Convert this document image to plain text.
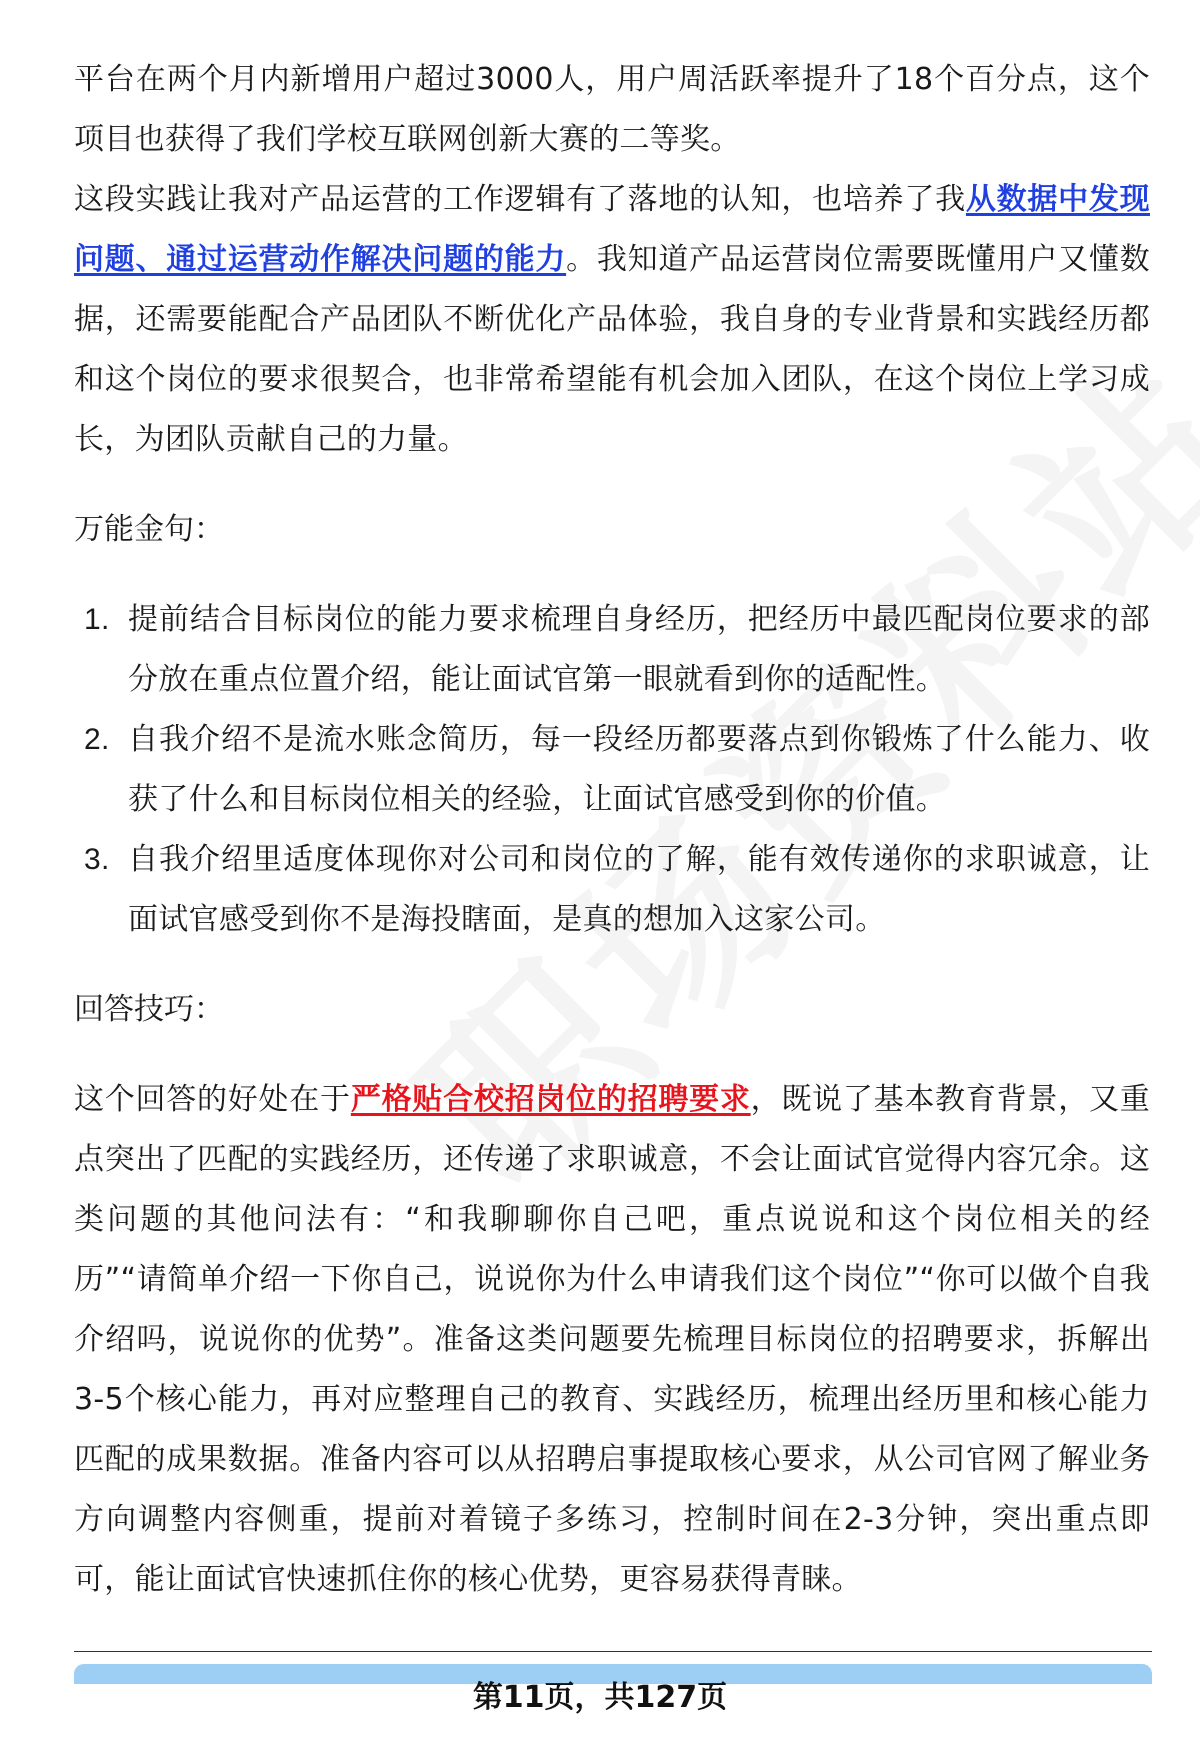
平台在两个月内新增用户超过3000人，用户周活跃率提升了18个百分点，这个项目也获得了我们学校互联网创新大赛的二等奖。

这段实践让我对产品运营的工作逻辑有了落地的认知，也培养了我从数据中发现问题、通过运营动作解决问题的能力。我知道产品运营岗位需要既懂用户又懂数据，还需要能配合产品团队不断优化产品体验，我自身的专业背景和实践经历都和这个岗位的要求很契合，也非常希望能有机会加入团队，在这个岗位上学习成长，为团队贡献自己的力量。

万能金句：
1. 提前结合目标岗位的能力要求梳理自身经历，把经历中最匹配岗位要求的部分放在重点位置介绍，能让面试官第一眼就看到你的适配性。
2. 自我介绍不是流水账念简历，每一段经历都要落点到你锻炼了什么能力、收获了什么和目标岗位相关的经验，让面试官感受到你的价值。
3. 自我介绍里适度体现你对公司和岗位的了解，能有效传递你的求职诚意，让面试官感受到你不是海投瞎面，是真的想加入这家公司。
回答技巧：

这个回答的好处在于严格贴合校招岗位的招聘要求，既说了基本教育背景，又重点突出了匹配的实践经历，还传递了求职诚意，不会让面试官觉得内容冗余。这类问题的其他问法有：“和我聊聊你自己吧，重点说说和这个岗位相关的经历”“请简单介绍一下你自己，说说你为什么申请我们这个岗位”“你可以做个自我介绍吗，说说你的优势”。准备这类问题要先梳理目标岗位的招聘要求，拆解出3-5个核心能力，再对应整理自己的教育、实践经历，梳理出经历里和核心能力匹配的成果数据。准备内容可以从招聘启事提取核心要求，从公司官网了解业务方向调整内容侧重，提前对着镜子多练习，控制时间在2-3分钟，突出重点即可，能让面试官快速抓住你的核心优势，更容易获得青睐。

第11页，共127页
